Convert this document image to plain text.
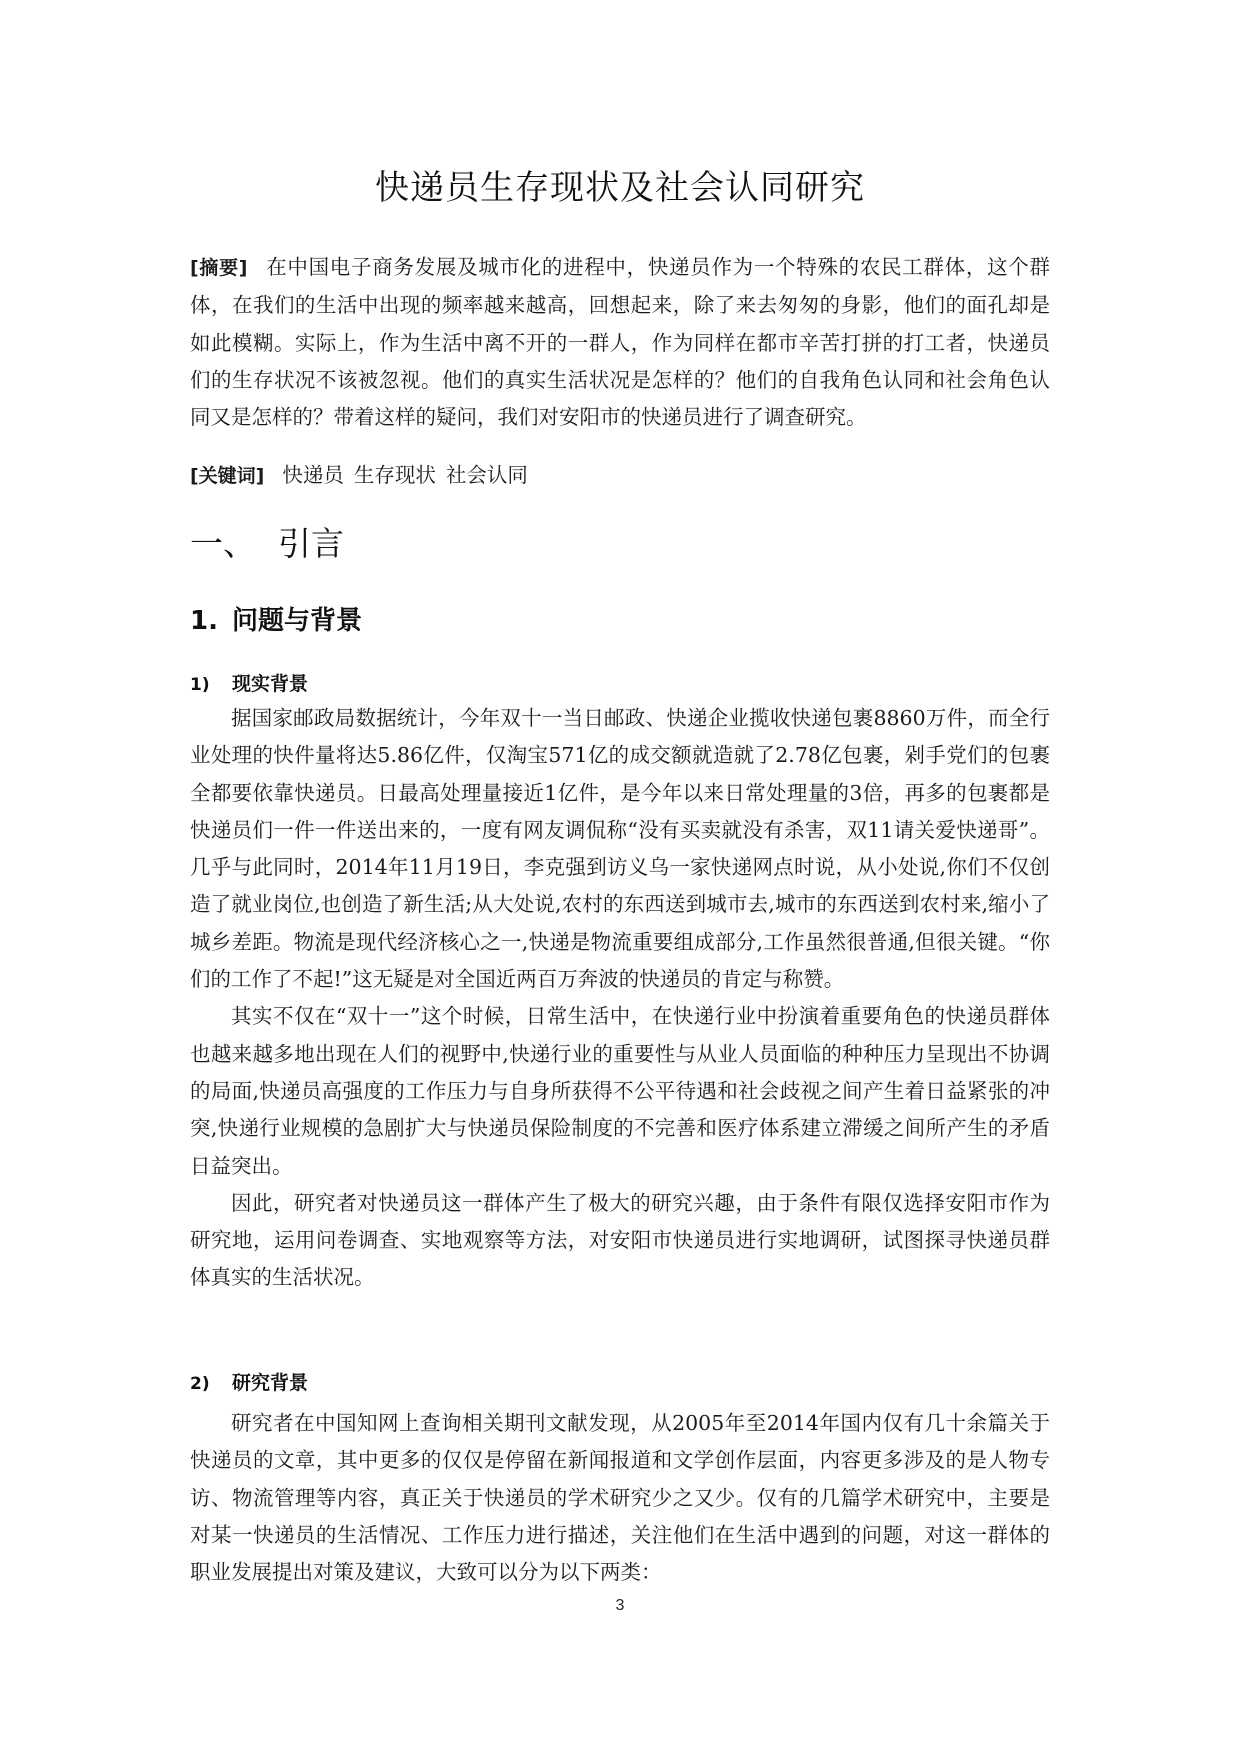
快递员生存现状及社会认同研究

[摘要] 在中国电子商务发展及城市化的进程中，快递员作为一个特殊的农民工群体，这个群体，在我们的生活中出现的频率越来越高，回想起来，除了来去匆匆的身影，他们的面孔却是如此模糊。实际上，作为生活中离不开的一群人，作为同样在都市辛苦打拼的打工者，快递员们的生存状况不该被忽视。他们的真实生活状况是怎样的？他们的自我角色认同和社会角色认同又是怎样的？带着这样的疑问，我们对安阳市的快递员进行了调查研究。

[关键词] 快递员 生存现状 社会认同

一、 引言
1. 问题与背景
1) 现实背景

据国家邮政局数据统计，今年双十一当日邮政、快递企业揽收快递包裹8860万件，而全行业处理的快件量将达5.86亿件，仅淘宝571亿的成交额就造就了2.78亿包裹，剁手党们的包裹全都要依靠快递员。日最高处理量接近1亿件，是今年以来日常处理量的3倍，再多的包裹都是快递员们一件一件送出来的，一度有网友调侃称“没有买卖就没有杀害，双11请关爱快递哥”。几乎与此同时，2014年11月19日，李克强到访义乌一家快递网点时说，从小处说,你们不仅创造了就业岗位,也创造了新生活;从大处说,农村的东西送到城市去,城市的东西送到农村来,缩小了城乡差距。物流是现代经济核心之一,快递是物流重要组成部分,工作虽然很普通,但很关键。“你们的工作了不起!”这无疑是对全国近两百万奔波的快递员的肯定与称赞。

其实不仅在“双十一”这个时候，日常生活中，在快递行业中扮演着重要角色的快递员群体也越来越多地出现在人们的视野中,快递行业的重要性与从业人员面临的种种压力呈现出不协调的局面,快递员高强度的工作压力与自身所获得不公平待遇和社会歧视之间产生着日益紧张的冲突,快递行业规模的急剧扩大与快递员保险制度的不完善和医疗体系建立滞缓之间所产生的矛盾日益突出。

因此，研究者对快递员这一群体产生了极大的研究兴趣，由于条件有限仅选择安阳市作为研究地，运用问卷调查、实地观察等方法，对安阳市快递员进行实地调研，试图探寻快递员群体真实的生活状况。

2) 研究背景

研究者在中国知网上查询相关期刊文献发现，从2005年至2014年国内仅有几十余篇关于快递员的文章，其中更多的仅仅是停留在新闻报道和文学创作层面，内容更多涉及的是人物专访、物流管理等内容，真正关于快递员的学术研究少之又少。仅有的几篇学术研究中，主要是对某一快递员的生活情况、工作压力进行描述，关注他们在生活中遇到的问题，对这一群体的职业发展提出对策及建议，大致可以分为以下两类：

3
